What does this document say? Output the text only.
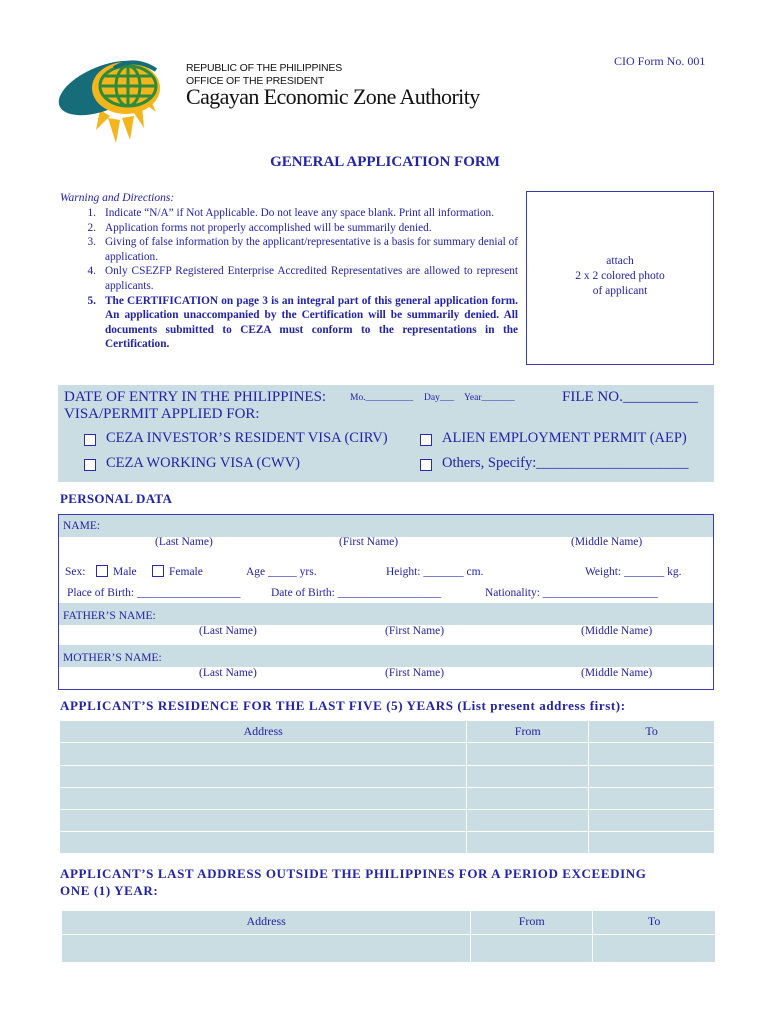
REPUBLIC OF THE PHILIPPINES
OFFICE OF THE PRESIDENT
Cagayan Economic Zone Authority
CIO Form No. 001
GENERAL APPLICATION FORM
Warning and Directions:
1. Indicate “N/A” if Not Applicable. Do not leave any space blank. Print all information.
2. Application forms not properly accomplished will be summarily denied.
3. Giving of false information by the applicant/representative is a basis for summary denial of application.
4. Only CSEZFP Registered Enterprise Accredited Representatives are allowed to represent applicants.
5. The CERTIFICATION on page 3 is an integral part of this general application form. An application unaccompanied by the Certification will be summarily denied. All documents submitted to CEZA must conform to the representations in the Certification.
attach
2 x 2 colored photo
of applicant
DATE OF ENTRY IN THE PHILIPPINES:	Mo.__________ Day___ Year_______	FILE NO.__________
VISA/PERMIT APPLIED FOR:
CEZA INVESTOR’S RESIDENT VISA (CIRV)	ALIEN EMPLOYMENT PERMIT (AEP)
CEZA WORKING VISA (CWV)	Others, Specify:_____________________
PERSONAL DATA
NAME:
(Last Name)	(First Name)	(Middle Name)
Sex: Male	Female	Age _____ yrs.	Height: _______ cm.	Weight: _______ kg.
Place of Birth: __________________	Date of Birth: __________________	Nationality: ____________________
FATHER’S NAME:
(Last Name)	(First Name)	(Middle Name)
MOTHER’S NAME:
(Last Name)	(First Name)	(Middle Name)
APPLICANT’S RESIDENCE FOR THE LAST FIVE (5) YEARS (List present address first):
Address	From	To

APPLICANT’S LAST ADDRESS OUTSIDE THE PHILIPPINES FOR A PERIOD EXCEEDING
ONE (1) YEAR:
Address	From	To
